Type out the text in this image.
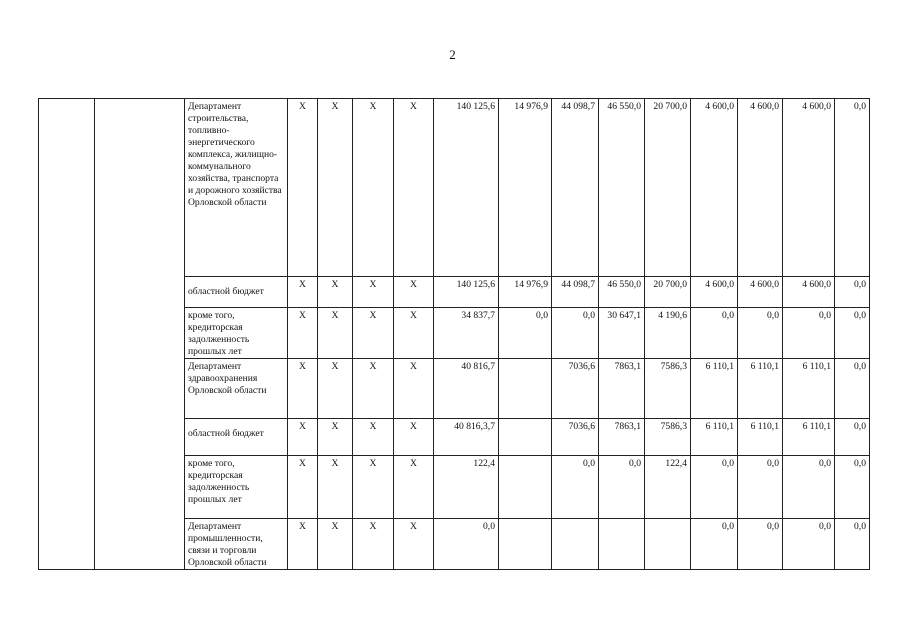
2
		Департамент строительства, топливно-энергетического комплекса, жилищно-коммунального хозяйства, транспорта и дорожного хозяйства Орловской области	X	X	X	X	140 125,6	14 976,9	44 098,7	46 550,0	20 700,0	4 600,0	4 600,0	4 600,0	0,0
		областной бюджет	X	X	X	X	140 125,6	14 976,9	44 098,7	46 550,0	20 700,0	4 600,0	4 600,0	4 600,0	0,0
		кроме того, кредиторская задолженность прошлых лет	X	X	X	X	34 837,7	0,0	0,0	30 647,1	4 190,6	0,0	0,0	0,0	0,0
		Департамент здравоохранения Орловской области	X	X	X	X	40 816,7		7036,6	7863,1	7586,3	6 110,1	6 110,1	6 110,1	0,0
		областной бюджет	X	X	X	X	40 816,3,7		7036,6	7863,1	7586,3	6 110,1	6 110,1	6 110,1	0,0
		кроме того, кредиторская задолженность прошлых лет	X	X	X	X	122,4		0,0	0,0	122,4	0,0	0,0	0,0	0,0
		Департамент промышленности, связи и торговли Орловской области	X	X	X	X	0,0					0,0	0,0	0,0	0,0
